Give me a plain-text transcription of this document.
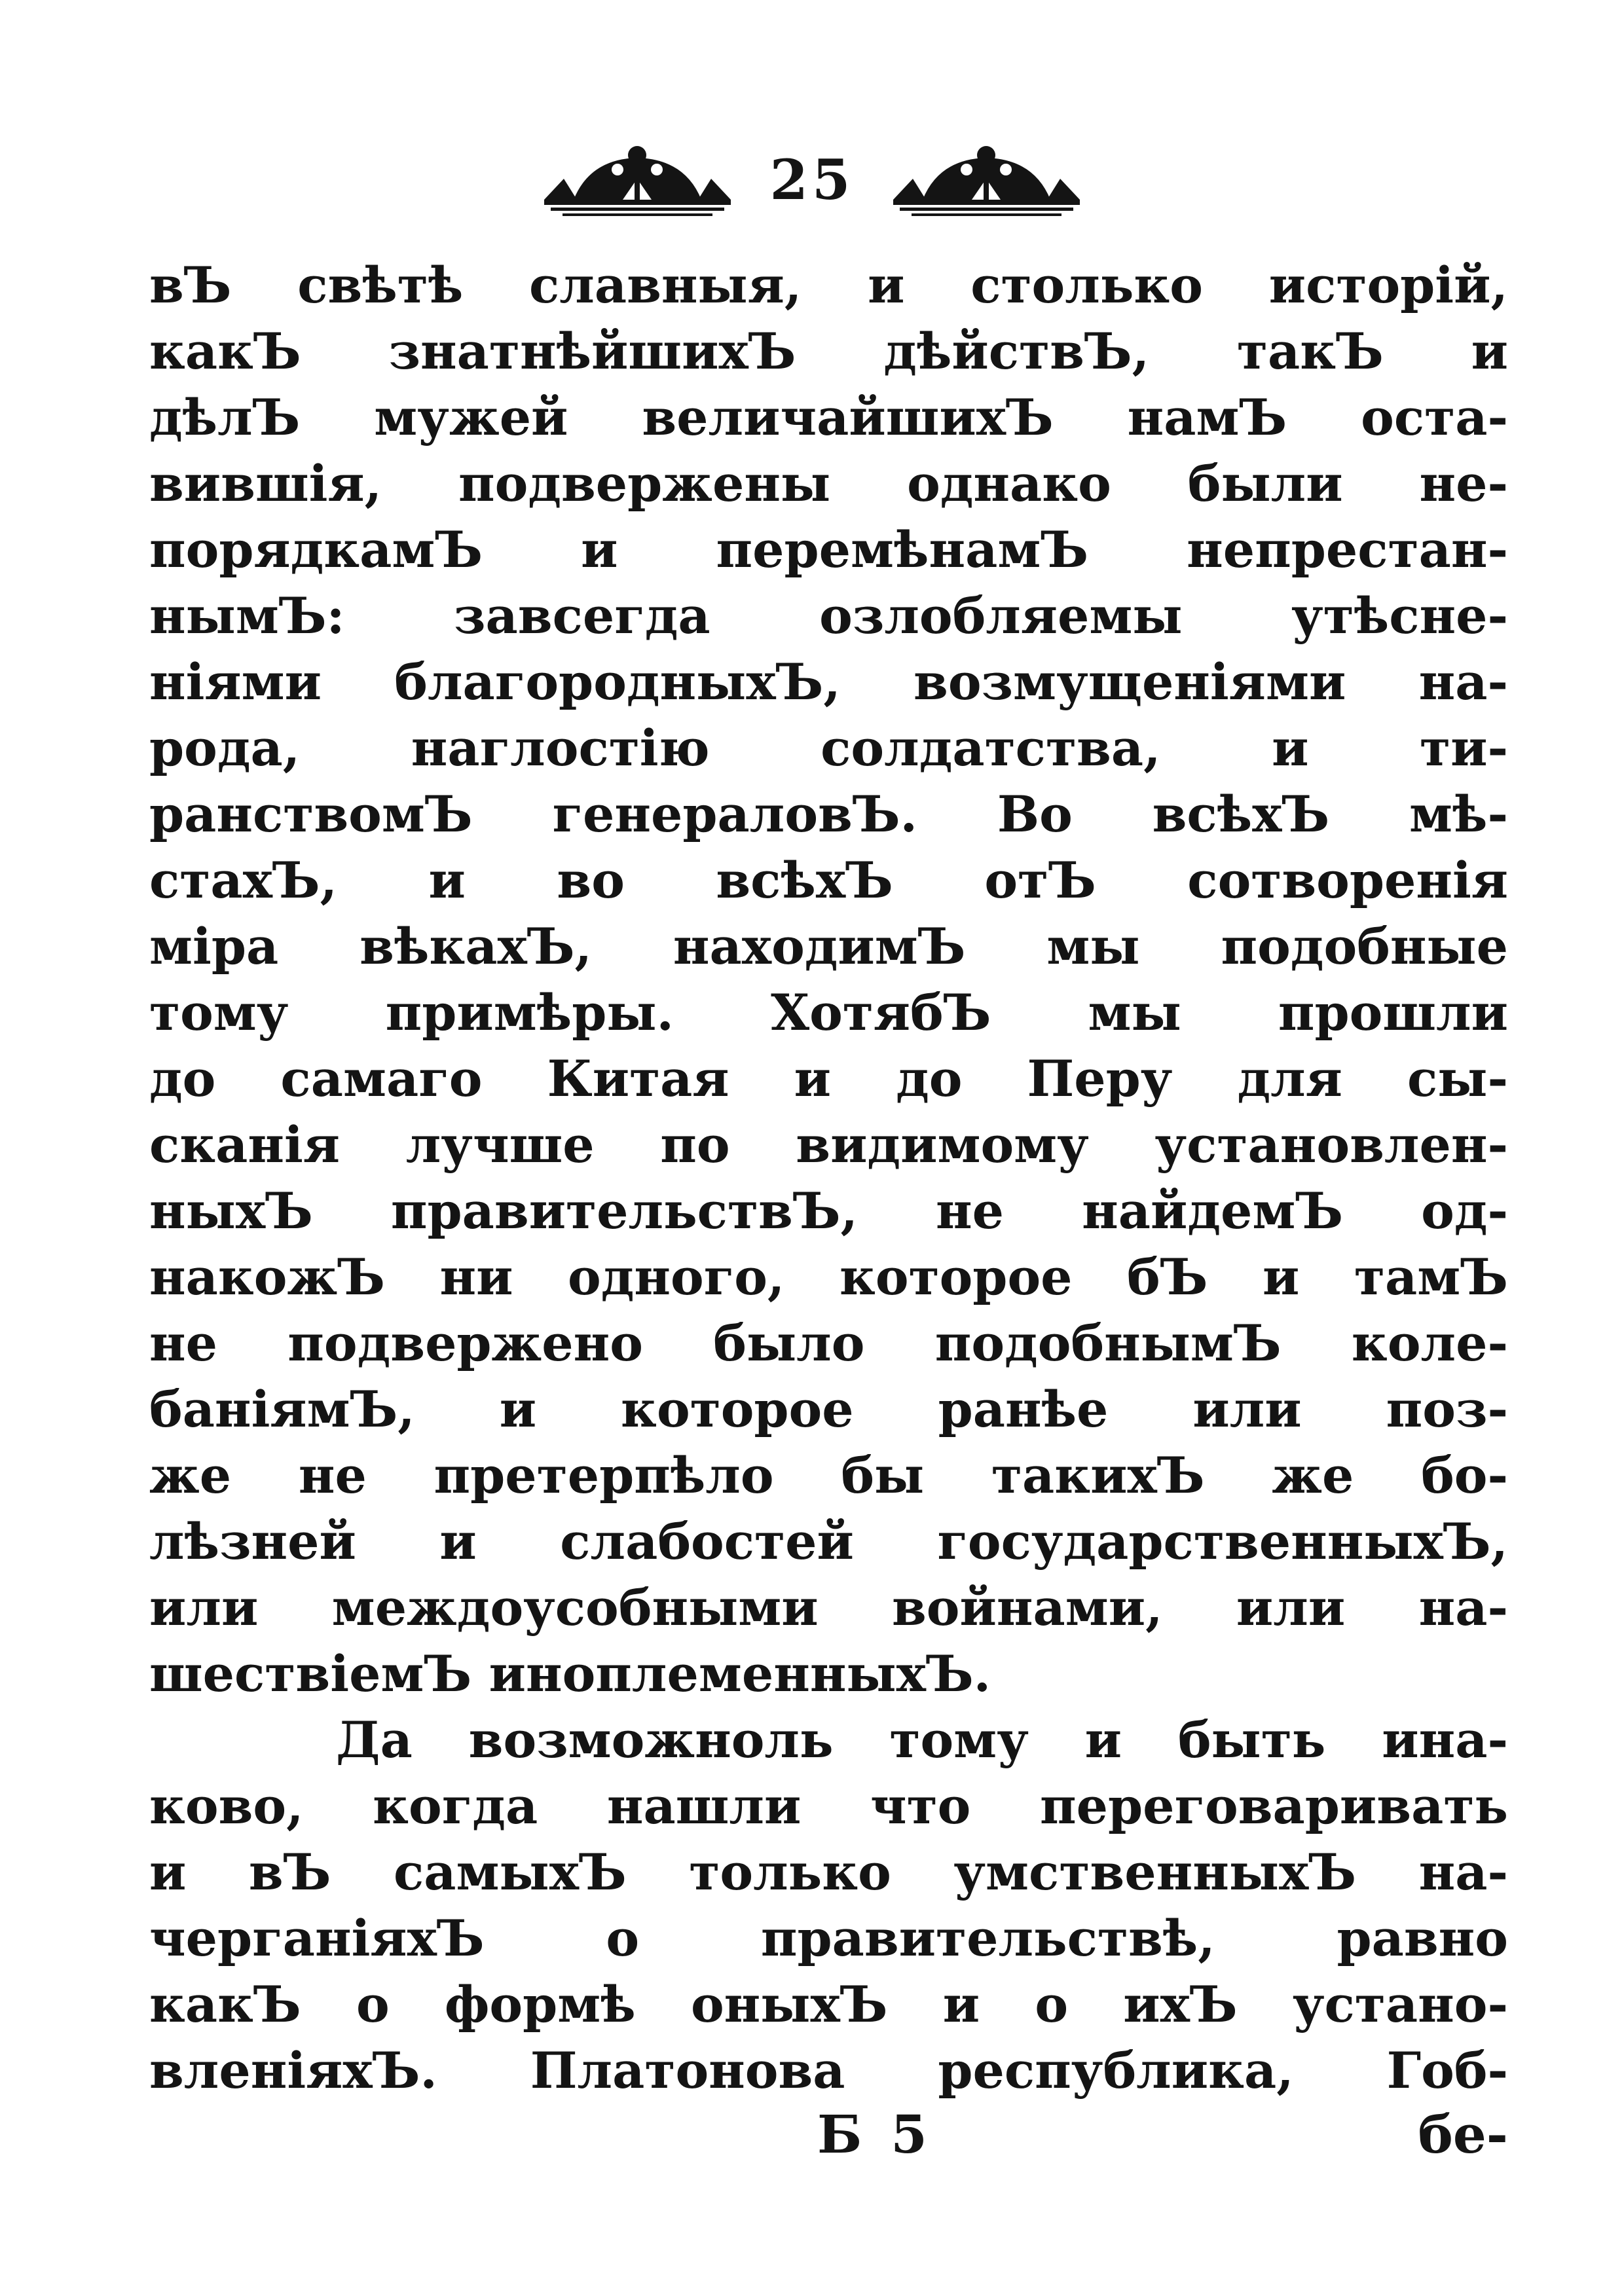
25
вЪ свѣтѣ славныя, и столько исторій,
какЪ знатнѣйшихЪ дѣйствЪ, такЪ и
дѣлЪ мужей величайшихЪ намЪ оста-
вившія, подвержены однако были не-
порядкамЪ и перемѣнамЪ непрестан-
нымЪ: завсегда озлобляемы утѣсне-
ніями благородныхЪ, возмущеніями на-
рода, наглостію солдатства, и ти-
ранствомЪ генераловЪ. Во всѣхЪ мѣ-
стахЪ, и во всѣхЪ отЪ сотворенія
міра вѣкахЪ, находимЪ мы подобные
тому примѣры. ХотябЪ мы прошли
до самаго Китая и до Перу для сы-
сканія лучше по видимому установлен-
ныхЪ правительствЪ, не найдемЪ од-
накожЪ ни одного, которое бЪ и тамЪ
не подвержено было подобнымЪ коле-
баніямЪ, и которое ранѣе или поз-
же не претерпѣло бы такихЪ же бо-
лѣзней и слабостей государственныхЪ,
или междоусобными войнами, или на-
шествіемЪ иноплеменныхЪ.
Да возможноль тому и быть ина-
ково, когда нашли что переговаривать
и вЪ самыхЪ только умственныхЪ на-
черганіяхЪ о правительствѣ, равно
какЪ о формѣ оныхЪ и о ихЪ устано-
вленіяхЪ. Платонова республика, Гоб-
Б 5	бе-
